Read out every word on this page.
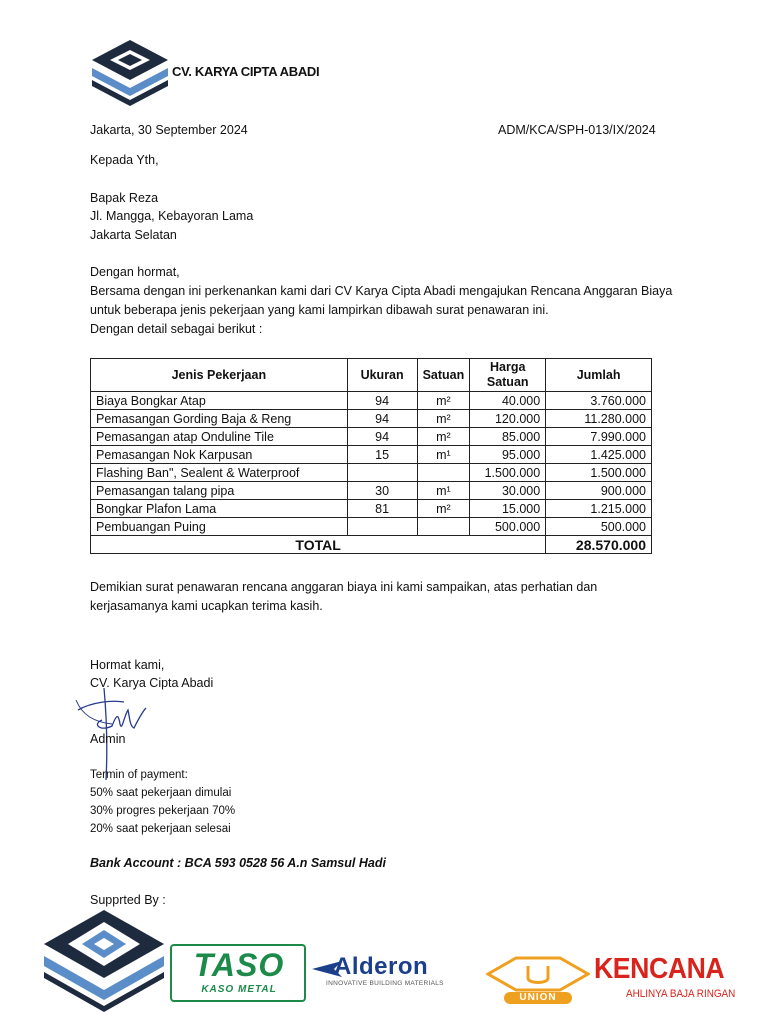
CV. KARYA CIPTA ABADI
Jakarta, 30 September 2024	ADM/KCA/SPH-013/IX/2024
Kepada Yth,
Bapak Reza
Jl. Mangga, Kebayoran Lama
Jakarta Selatan
Dengan hormat,
Bersama dengan ini perkenankan kami dari CV Karya Cipta Abadi mengajukan Rencana Anggaran Biaya
untuk beberapa jenis pekerjaan yang kami lampirkan dibawah surat penawaran ini.
Dengan detail sebagai berikut :
Jenis Pekerjaan	Ukuran	Satuan	Harga Satuan	Jumlah
Biaya Bongkar Atap	94	m²	40.000	3.760.000
Pemasangan Gording Baja & Reng	94	m²	120.000	11.280.000
Pemasangan atap Onduline Tile	94	m²	85.000	7.990.000
Pemasangan Nok Karpusan	15	m¹	95.000	1.425.000
Flashing Ban", Sealent & Waterproof			1.500.000	1.500.000
Pemasangan talang pipa	30	m¹	30.000	900.000
Bongkar Plafon Lama	81	m²	15.000	1.215.000
Pembuangan Puing			500.000	500.000
TOTAL				28.570.000
Demikian surat penawaran rencana anggaran biaya ini kami sampaikan, atas perhatian dan
kerjasamanya kami ucapkan terima kasih.
Hormat kami,
CV. Karya Cipta Abadi
Admin
Termin of payment:
50% saat pekerjaan dimulai
30% progres pekerjaan 70%
20% saat pekerjaan selesai
Bank Account : BCA 593 0528 56 A.n Samsul Hadi
Supprted By :
TASO
KASO METAL
Alderon
INNOVATIVE BUILDING MATERIALS
UNION
KENCANA
AHLINYA BAJA RINGAN
